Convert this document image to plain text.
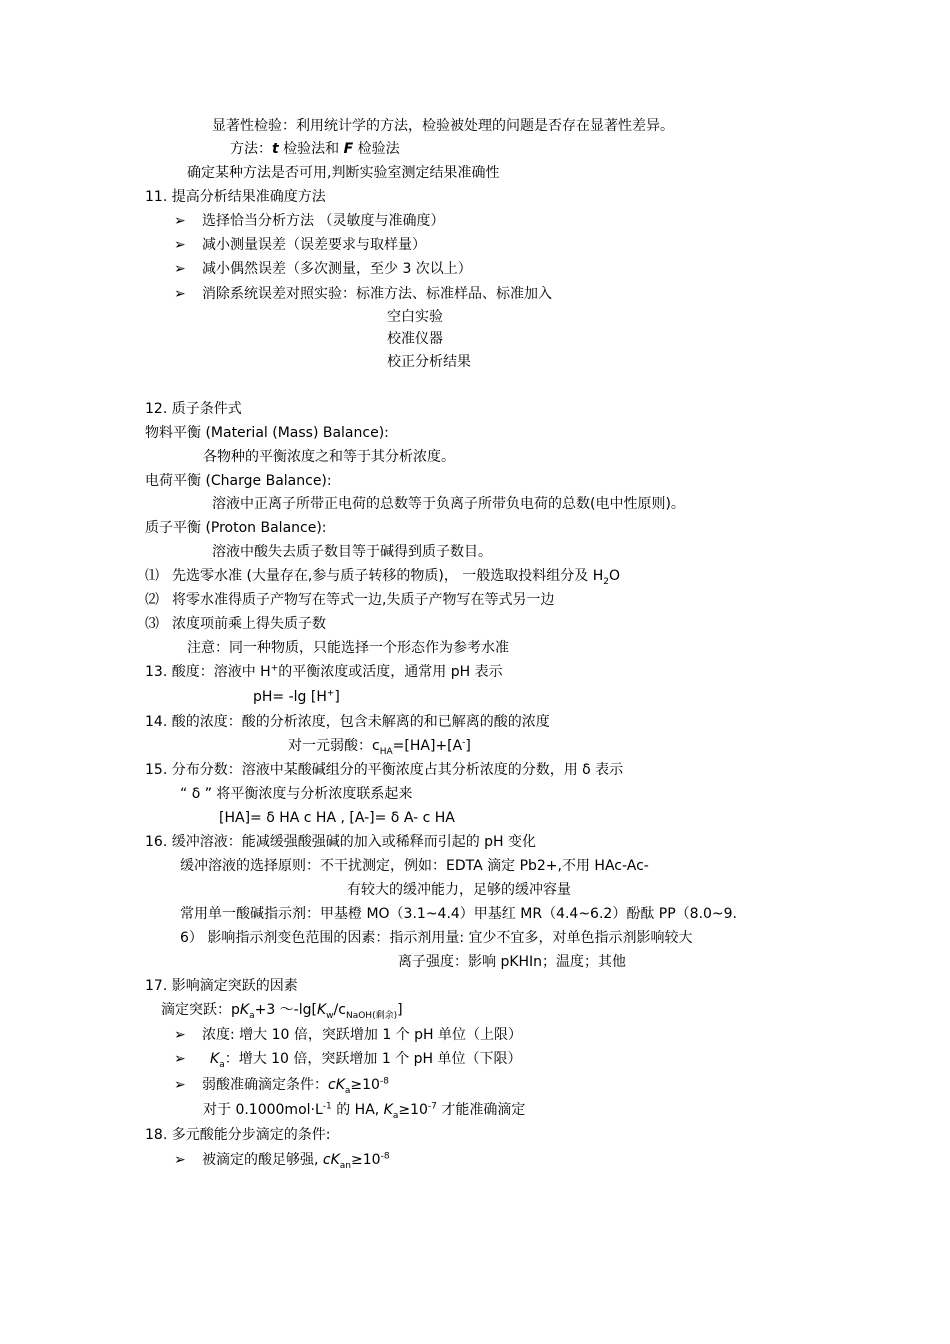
显著性检验：利用统计学的方法，检验被处理的问题是否存在显著性差异。
方法：t 检验法和 F 检验法
确定某种方法是否可用,判断实验室测定结果准确性
11. 提高分析结果准确度方法
➢ 选择恰当分析方法 （灵敏度与准确度）
➢ 减小测量误差（误差要求与取样量）
➢ 减小偶然误差（多次测量，至少 3 次以上）
➢ 消除系统误差对照实验：标准方法、标准样品、标准加入
空白实验
校准仪器
校正分析结果
12. 质子条件式
物料平衡 (Material (Mass) Balance):
各物种的平衡浓度之和等于其分析浓度。
电荷平衡 (Charge Balance):
溶液中正离子所带正电荷的总数等于负离子所带负电荷的总数(电中性原则)。
质子平衡 (Proton Balance):
溶液中酸失去质子数目等于碱得到质子数目。
⑴ 先选零水准 (大量存在,参与质子转移的物质)， 一般选取投料组分及 $H_2O$
⑵ 将零水准得质子产物写在等式一边,失质子产物写在等式另一边
⑶ 浓度项前乘上得失质子数
注意：同一种物质，只能选择一个形态作为参考水准
13. 酸度：溶液中 H+的平衡浓度或活度，通常用 pH 表示
pH= -lg [H+]
14. 酸的浓度：酸的分析浓度，包含未解离的和已解离的酸的浓度
对一元弱酸：$c_{HA}=[HA]+[A^-]$
15. 分布分数：溶液中某酸碱组分的平衡浓度占其分析浓度的分数，用 δ 表示
“ δ ” 将平衡浓度与分析浓度联系起来
[HA]= δ HA c HA , [A-]= δ A- c HA
16. 缓冲溶液：能减缓强酸强碱的加入或稀释而引起的 pH 变化
缓冲溶液的选择原则：不干扰测定，例如：EDTA 滴定 Pb2+,不用 HAc-Ac-
有较大的缓冲能力，足够的缓冲容量
常用单一酸碱指示剂：甲基橙 MO（3.1~4.4）甲基红 MR（4.4~6.2）酚酞 PP（8.0~9.
6） 影响指示剂变色范围的因素：指示剂用量: 宜少不宜多，对单色指示剂影响较大
离子强度：影响 pKHIn；温度；其他
17. 影响滴定突跃的因素
滴定突跃：$pK_a+3$ $\sim-\lg[K_w/c_{NaOH(剩余)}]$
➢ 浓度: 增大 10 倍，突跃增加 1 个 pH 单位（上限）
➢ $K_a$：增大 10 倍，突跃增加 1 个 pH 单位（下限）
➢ 弱酸准确滴定条件：$cK_a\ge 10^{-8}$
对于 $0.1000mol\cdot L^{-1}$ 的 HA, $K_a\ge 10^{-7}$ 才能准确滴定
18. 多元酸能分步滴定的条件:
➢ 被滴定的酸足够强, $cK_{an}\ge 10^{-8}$
